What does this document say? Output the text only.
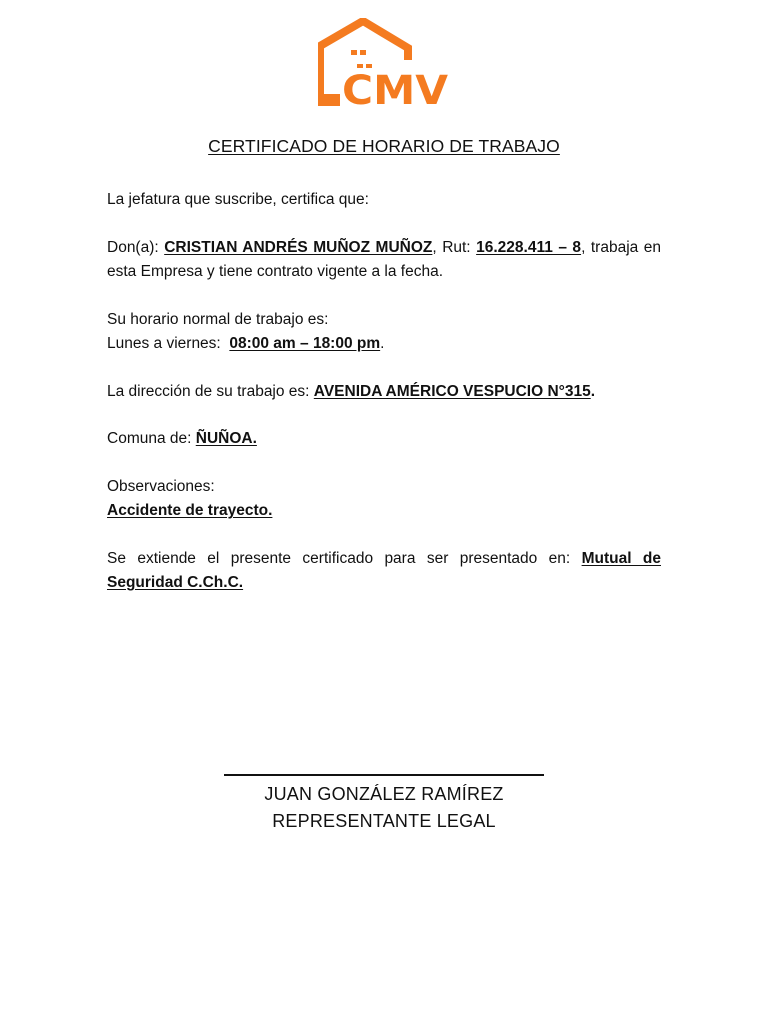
CMV
CERTIFICADO DE HORARIO DE TRABAJO
La jefatura que suscribe, certifica que:
Don(a): CRISTIAN ANDRÉS MUÑOZ MUÑOZ, Rut: 16.228.411 – 8, trabaja en esta Empresa y tiene contrato vigente a la fecha.
Su horario normal de trabajo es:
Lunes a viernes:  08:00 am – 18:00 pm.
La dirección de su trabajo es: AVENIDA AMÉRICO VESPUCIO N°315.
Comuna de: ÑUÑOA.
Observaciones:
Accidente de trayecto.
Se extiende el presente certificado para ser presentado en: Mutual de Seguridad C.Ch.C.
JUAN GONZÁLEZ RAMÍREZ
REPRESENTANTE LEGAL
